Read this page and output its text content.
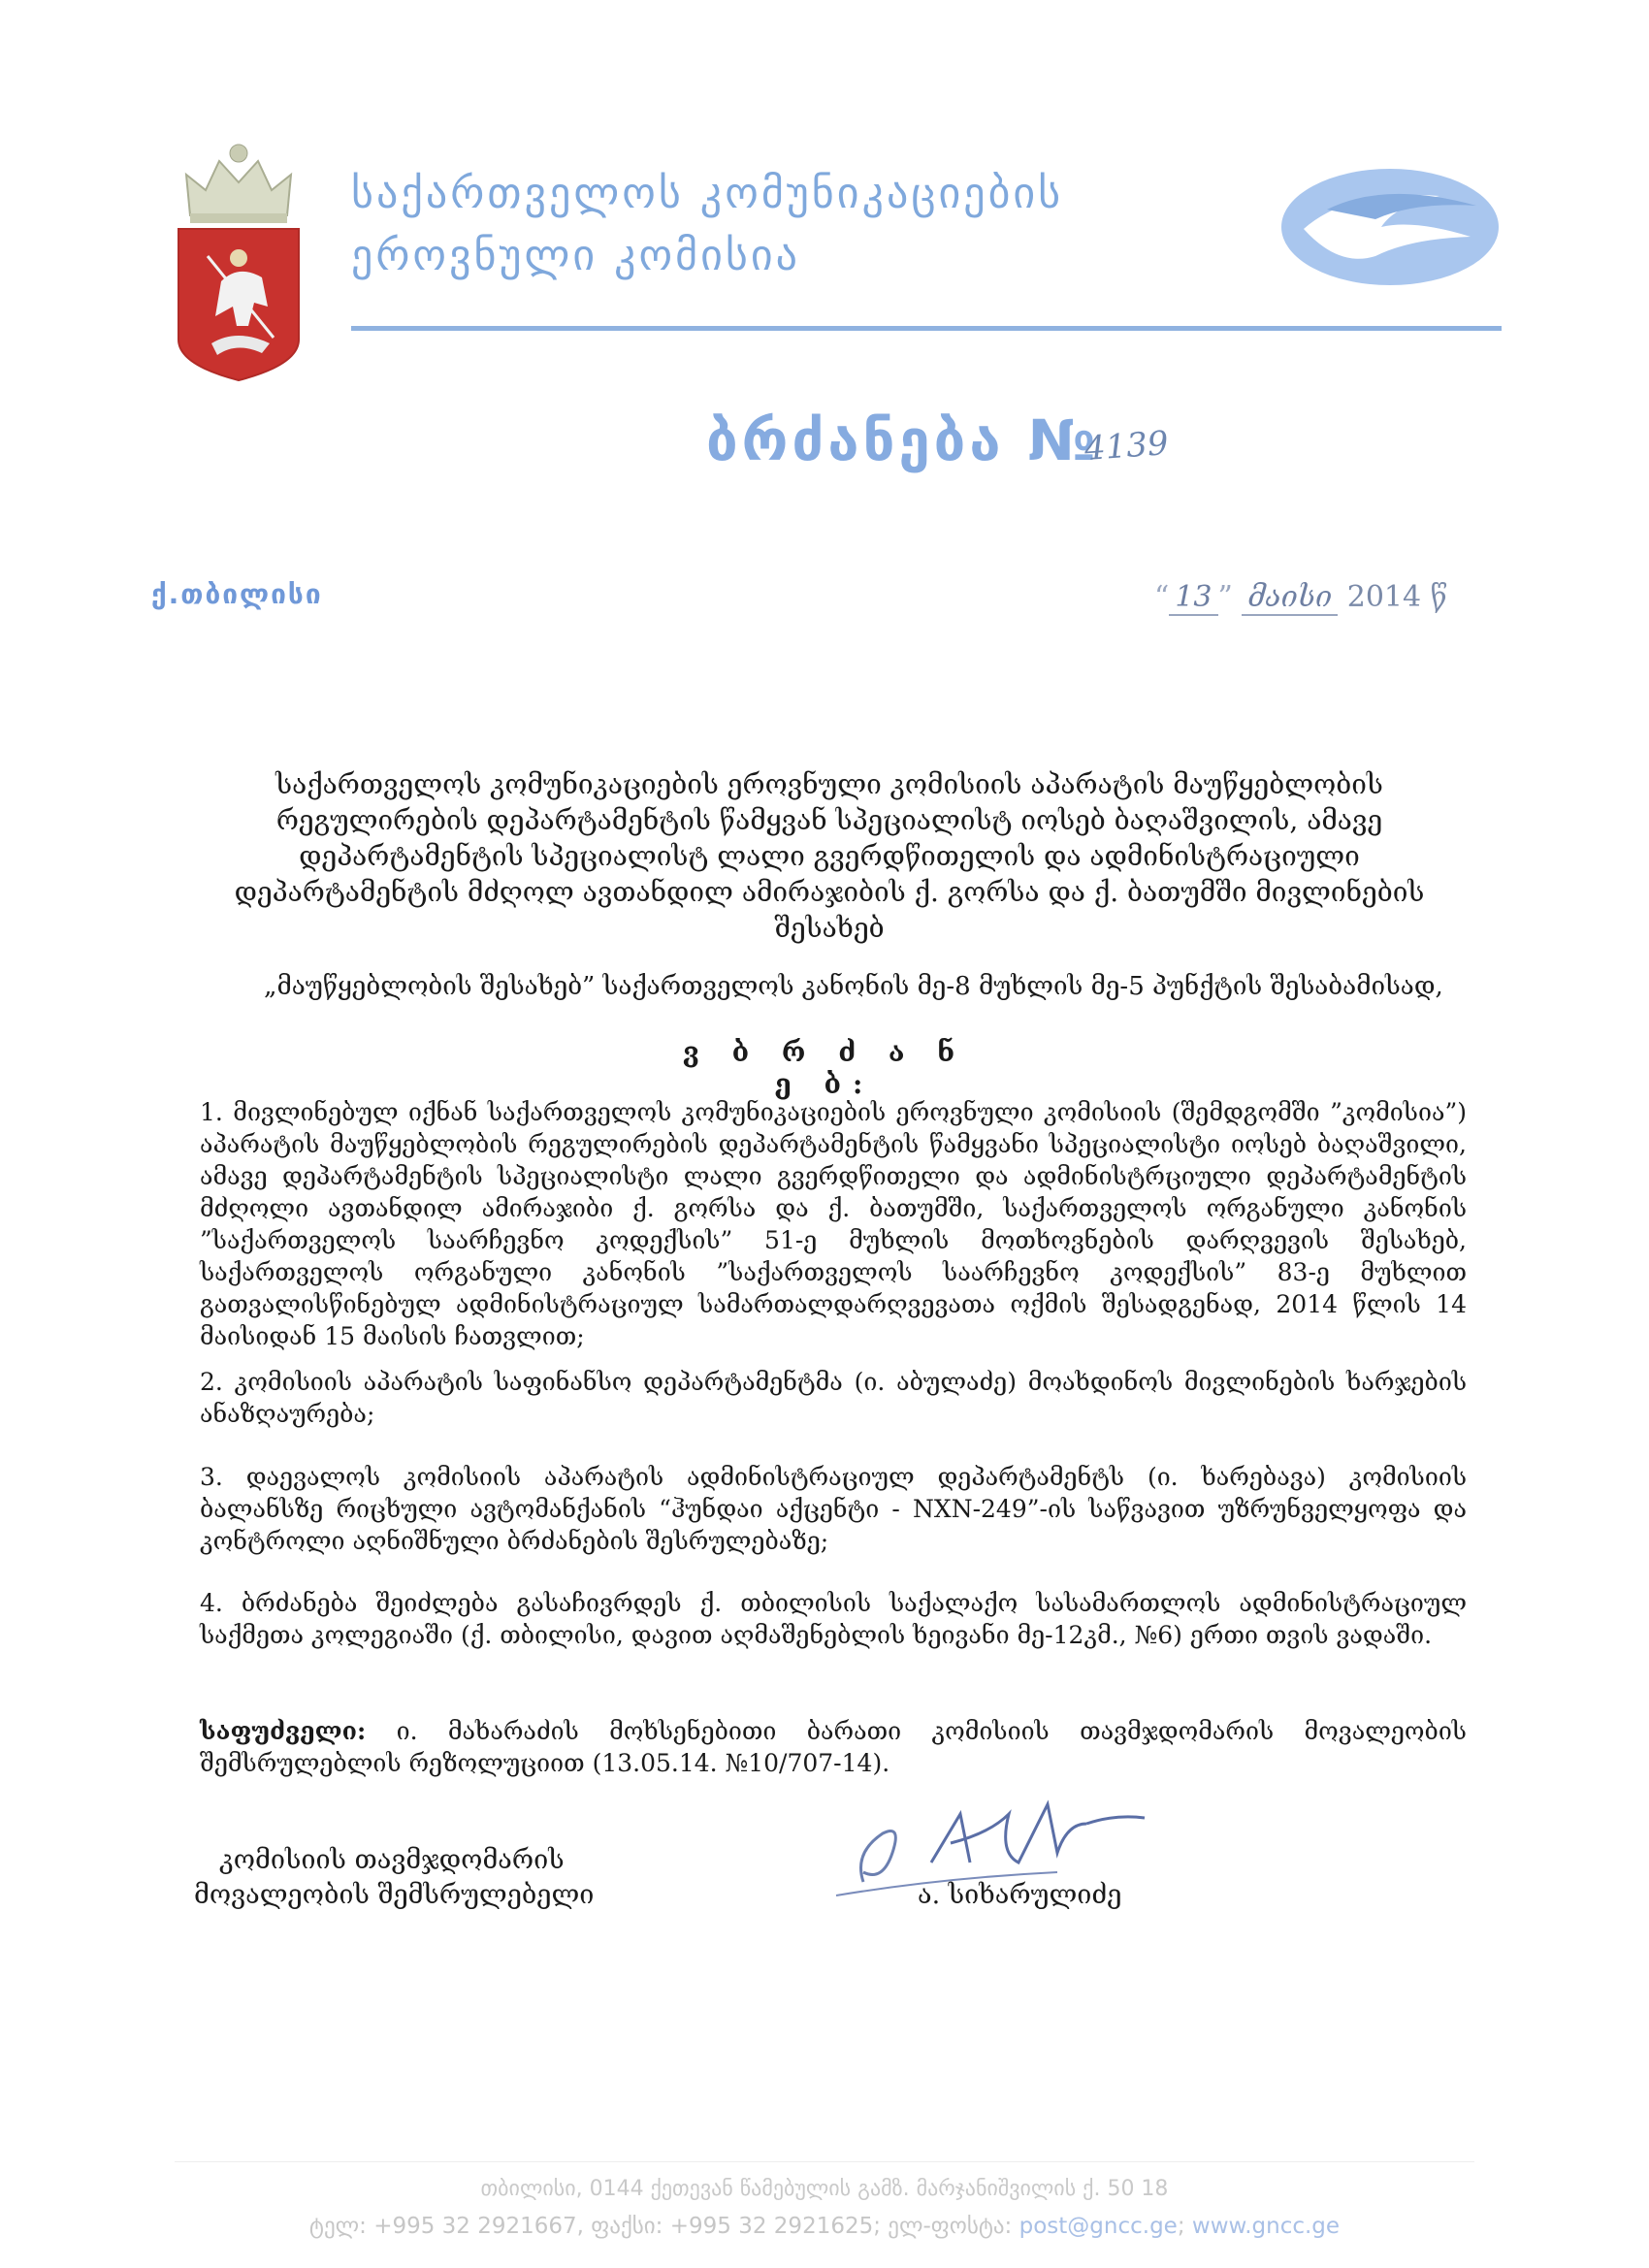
საქართველოს კომუნიკაციების
ეროვნული კომისია
ბრძანება №
4139
ქ.თბილისი	“ 13 ” მაისი 2014 წ
საქართველოს კომუნიკაციების ეროვნული კომისიის აპარატის მაუწყებლობის
რეგულირების დეპარტამენტის წამყვან სპეციალისტ იოსებ ბაღაშვილის, ამავე
დეპარტამენტის სპეციალისტ ლალი გვერდწითელის და ადმინისტრაციული
დეპარტამენტის მძღოლ ავთანდილ ამირაჯიბის ქ. გორსა და ქ. ბათუმში მივლინების
შესახებ
„მაუწყებლობის შესახებ” საქართველოს კანონის მე-8 მუხლის მე-5 პუნქტის შესაბამისად,
ვ ბ რ ძ ა ნ ე ბ:
1. მივლინებულ იქნან საქართველოს კომუნიკაციების ეროვნული კომისიის (შემდგომში ”კომისია”) აპარატის მაუწყებლობის რეგულირების დეპარტამენტის წამყვანი სპეციალისტი იოსებ ბაღაშვილი, ამავე დეპარტამენტის სპეციალისტი ლალი გვერდწითელი და ადმინისტრციული დეპარტამენტის მძღოლი ავთანდილ ამირაჯიბი ქ. გორსა და ქ. ბათუმში, საქართველოს ორგანული კანონის ”საქართველოს საარჩევნო კოდექსის” 51-ე მუხლის მოთხოვნების დარღვევის შესახებ, საქართველოს ორგანული კანონის ”საქართველოს საარჩევნო კოდექსის” 83-ე მუხლით გათვალისწინებულ ადმინისტრაციულ სამართალდარღვევათა ოქმის შესადგენად, 2014 წლის 14 მაისიდან 15 მაისის ჩათვლით;
2. კომისიის აპარატის საფინანსო დეპარტამენტმა (ი. აბულაძე) მოახდინოს მივლინების ხარჯების ანაზღაურება;
3. დაევალოს კომისიის აპარატის ადმინისტრაციულ დეპარტამენტს (ი. ხარებავა) კომისიის ბალანსზე რიცხული ავტომანქანის “ჰუნდაი აქცენტი - NXN-249”-ის საწვავით უზრუნველყოფა და კონტროლი აღნიშნული ბრძანების შესრულებაზე;
4. ბრძანება შეიძლება გასაჩივრდეს ქ. თბილისის საქალაქო სასამართლოს ადმინისტრაციულ საქმეთა კოლეგიაში (ქ. თბილისი, დავით აღმაშენებლის ხეივანი მე-12კმ., №6) ერთი თვის ვადაში.
საფუძველი: ი. მახარაძის მოხსენებითი ბარათი კომისიის თავმჯდომარის მოვალეობის შემსრულებლის რეზოლუციით (13.05.14. №10/707-14).
კომისიის თავმჯდომარის
მოვალეობის შემსრულებელი	ა. სიხარულიძე
თბილისი, 0144 ქეთევან წამებულის გამზ. მარჯანიშვილის ქ. 50 18
ტელ: +995 32 2921667, ფაქსი: +995 32 2921625; ელ-ფოსტა: post@gncc.ge; www.gncc.ge
